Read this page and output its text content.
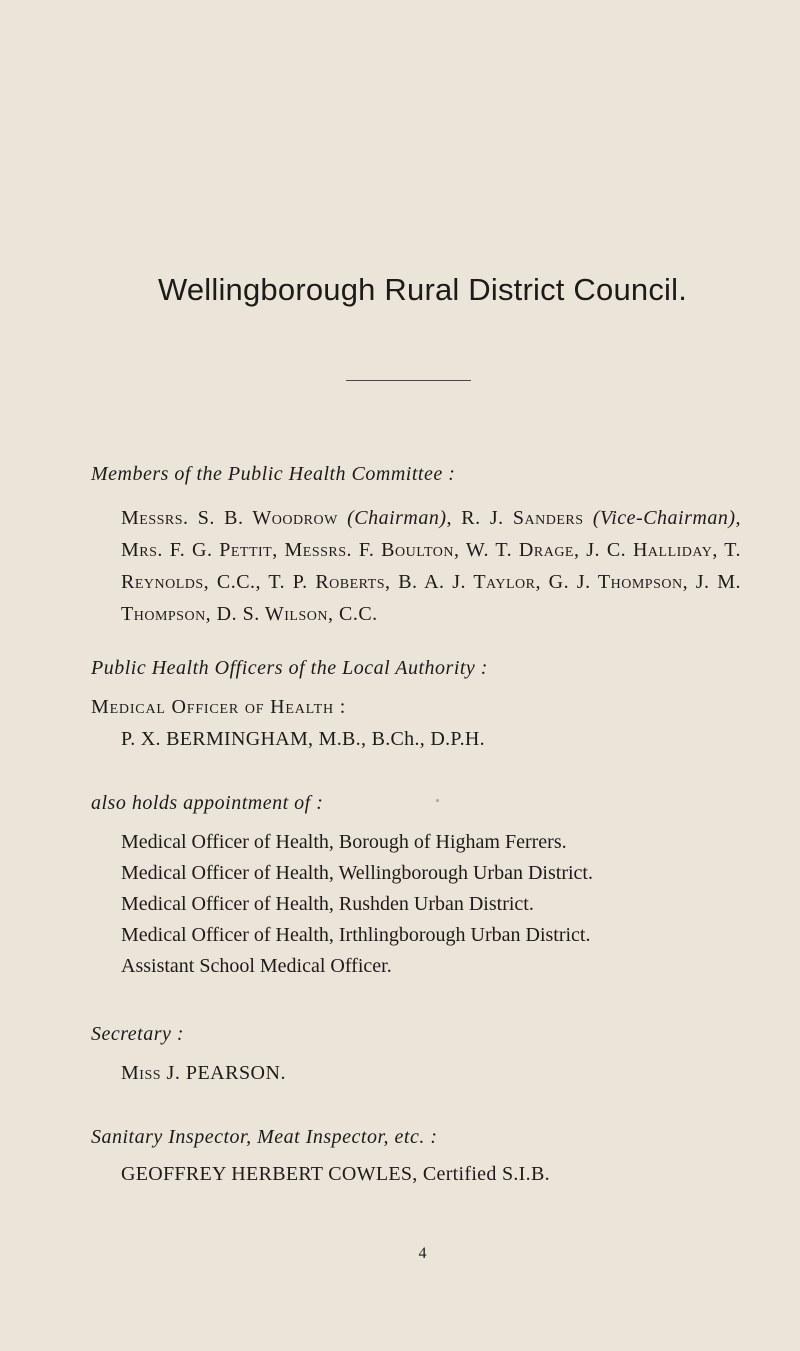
Wellingborough Rural District Council.
Members of the Public Health Committee :
Messrs. S. B. Woodrow (Chairman), R. J. Sanders (Vice-Chairman), Mrs. F. G. Pettit, Messrs. F. Boulton, W. T. Drage, J. C. Halliday, T. Reynolds, C.C., T. P. Roberts, B. A. J. Taylor, G. J. Thompson, J. M. Thompson, D. S. Wilson, C.C.
Public Health Officers of the Local Authority :
Medical Officer of Health :
P. X. BERMINGHAM, M.B., B.Ch., D.P.H.
also holds appointment of :
Medical Officer of Health, Borough of Higham Ferrers.
Medical Officer of Health, Wellingborough Urban District.
Medical Officer of Health, Rushden Urban District.
Medical Officer of Health, Irthlingborough Urban District.
Assistant School Medical Officer.
Secretary :
Miss J. PEARSON.
Sanitary Inspector, Meat Inspector, etc. :
GEOFFREY HERBERT COWLES, Certified S.I.B.
4
